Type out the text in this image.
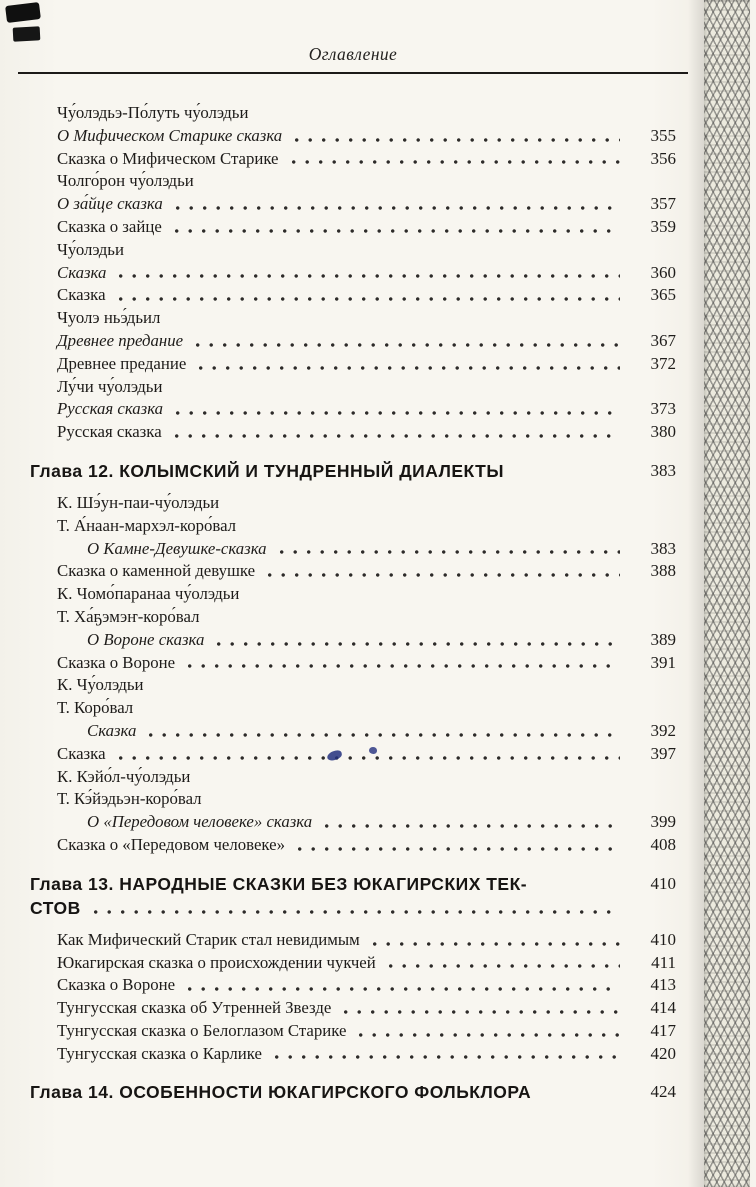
Оглавление
Чу́олэдьэ-По́луть чу́олэдьи
О Мифическом Старике сказка	355
Сказка о Мифическом Старике	356
Чолго́рон чу́олэдьи
О за́йце сказка	357
Сказка о зайце	359
Чу́олэдьи
Сказка	360
Сказка	365
Чуолэ ньэ́дьил
Древнее предание	367
Древнее предание	372
Лу́чи чу́олэдьи
Русская сказка	373
Русская сказка	380
Глава 12. КОЛЫМСКИЙ И ТУНДРЕННЫЙ ДИАЛЕКТЫ	383
К. Шэ́ун-паи-чу́олэдьи
Т. А́наан-мархэл-коро́вал
О Камне-Девушке-сказка	383
Сказка о каменной девушке	388
К. Чомо́паранаа чу́олэдьи
Т. Ха́ҕэмэҥ-коро́вал
О Вороне сказка	389
Сказка о Вороне	391
К. Чу́олэдьи
Т. Коро́вал
Сказка	392
Сказка	397
К. Кэйо́л-чу́олэдьи
Т. Кэ́йэдьэн-коро́вал
О «Передовом человеке» сказка	399
Сказка о «Передовом человеке»	408
Глава 13. НАРОДНЫЕ СКАЗКИ БЕЗ ЮКАГИРСКИХ ТЕК-	410
СТОВ
Как Мифический Старик стал невидимым	410
Юкагирская сказка о происхождении чукчей	411
Сказка о Вороне	413
Тунгусская сказка об Утренней Звезде	414
Тунгусская сказка о Белоглазом Старике	417
Тунгусская сказка о Карлике	420
Глава 14. ОСОБЕННОСТИ ЮКАГИРСКОГО ФОЛЬКЛОРА	424
